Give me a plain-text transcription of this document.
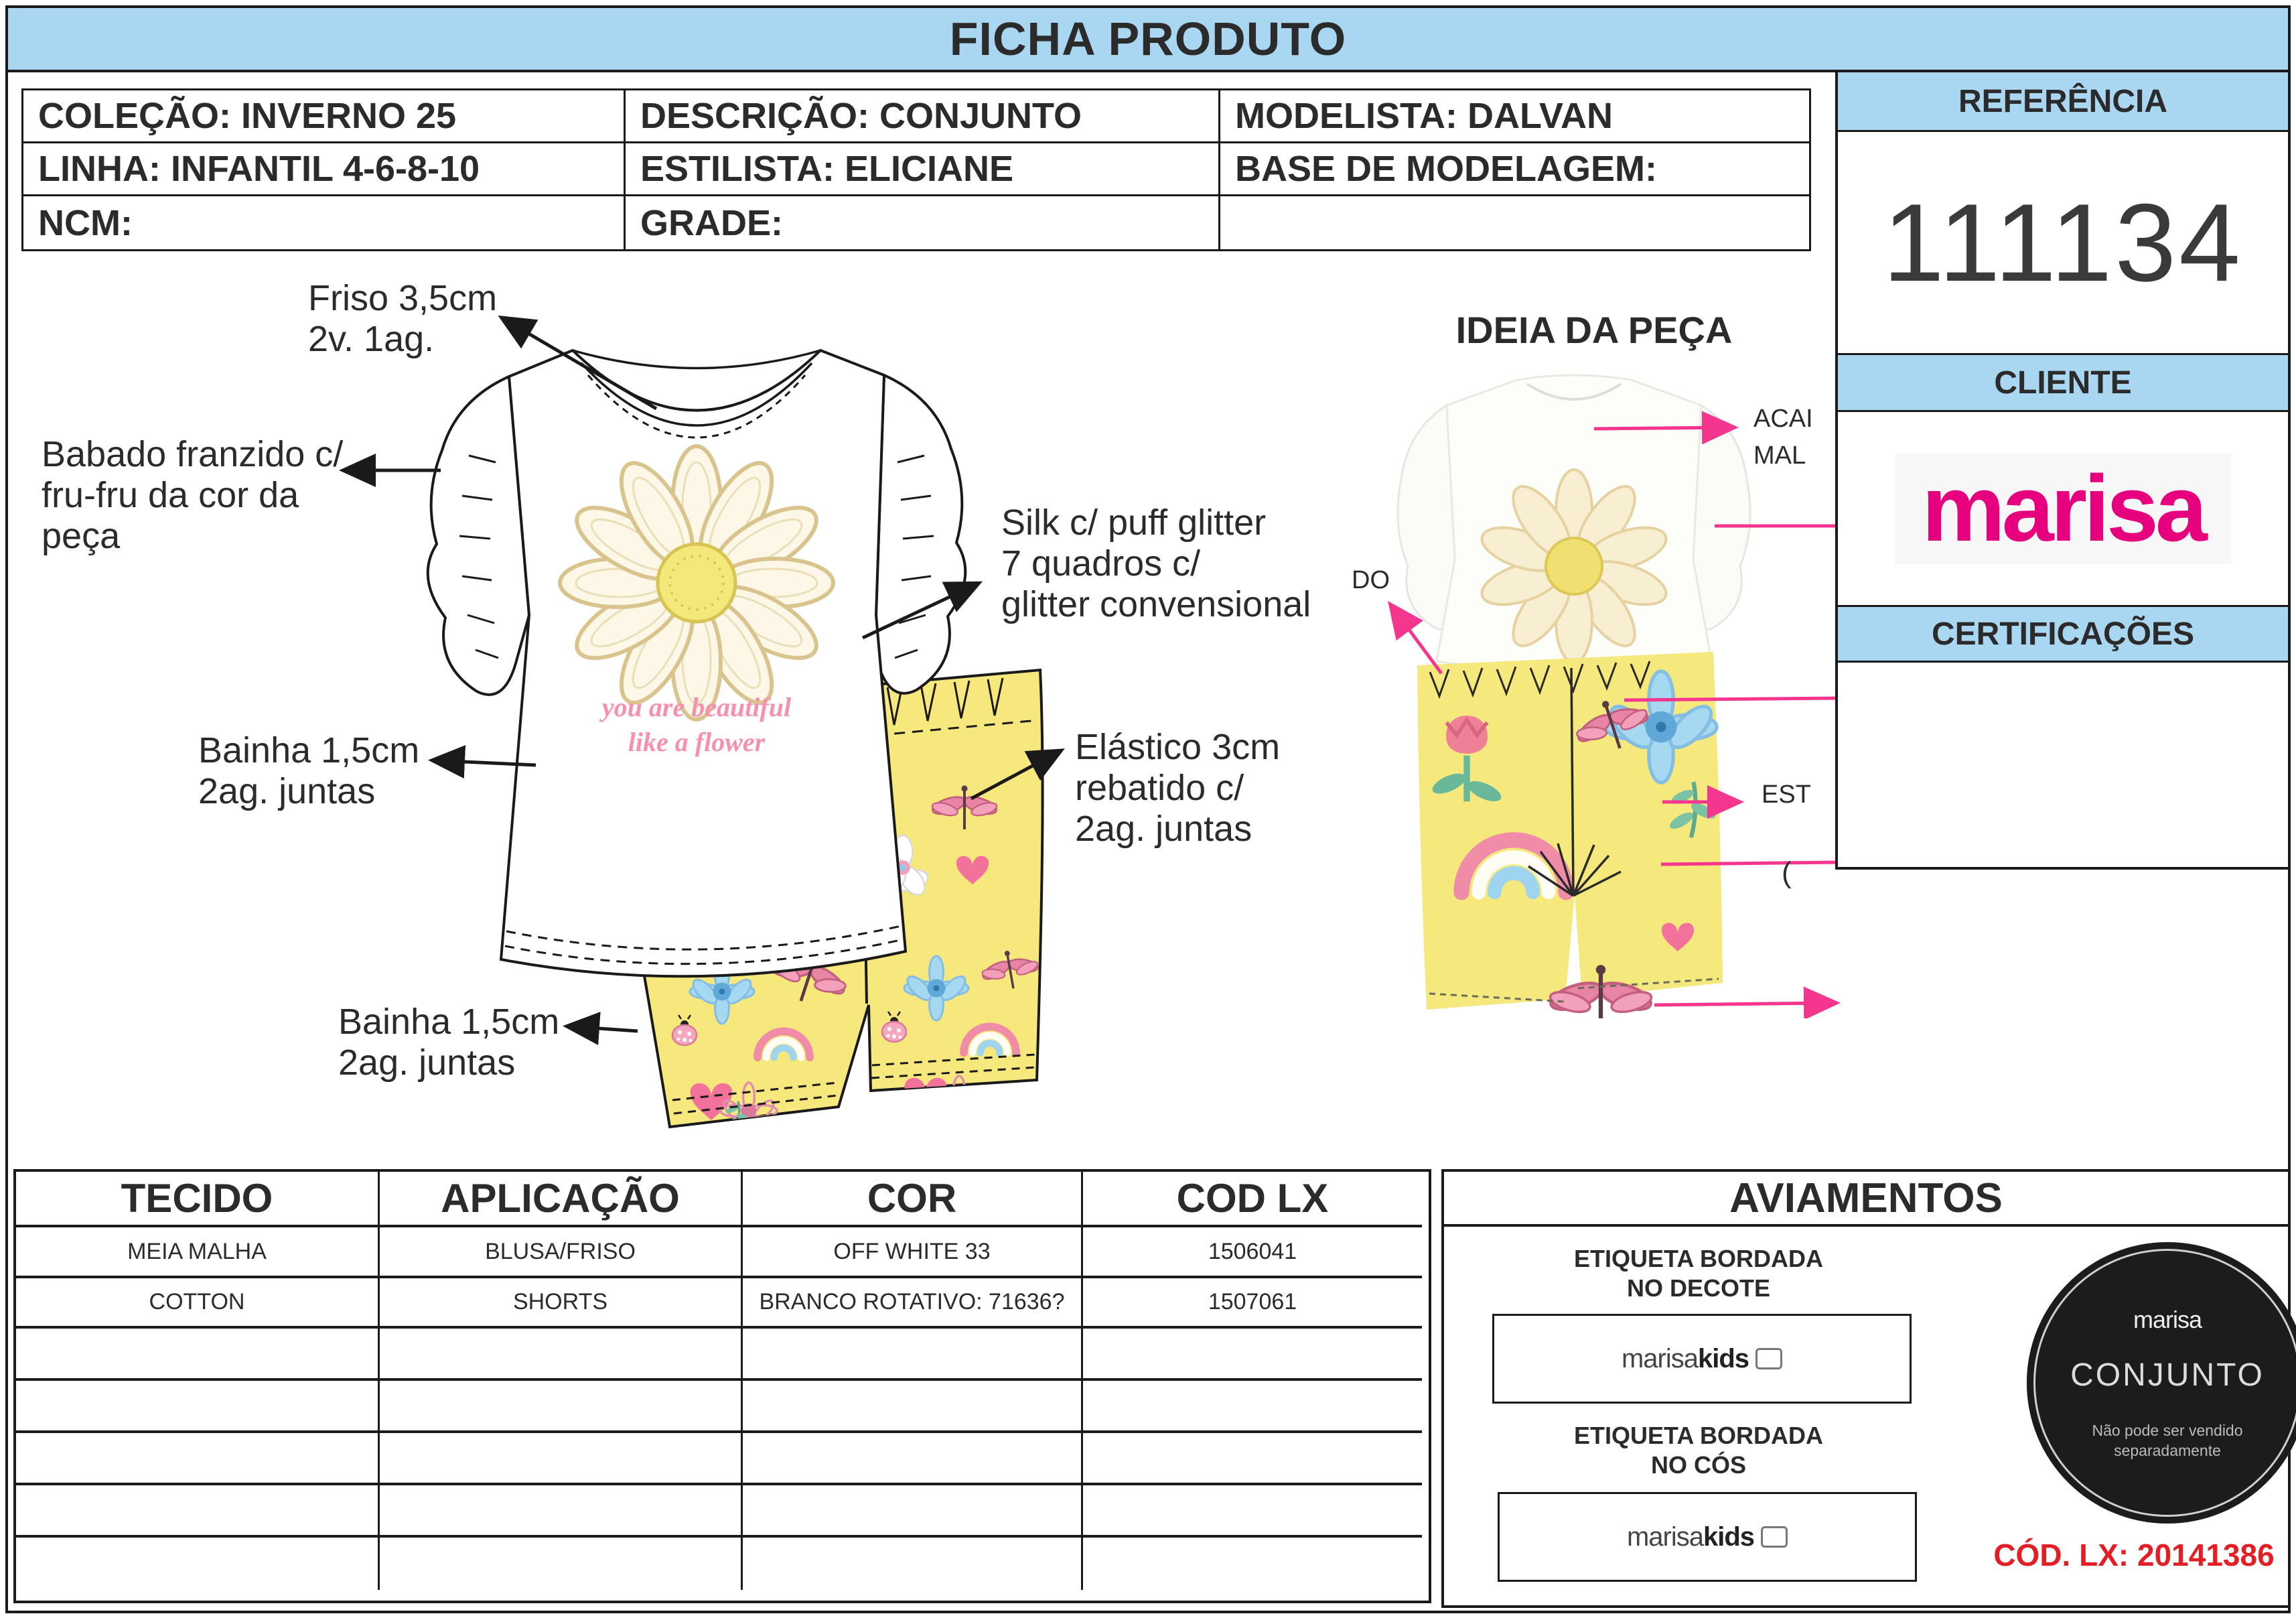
FICHA PRODUTO
COLEÇÃO: INVERNO 25	DESCRIÇÃO: CONJUNTO	MODELISTA: DALVAN
LINHA: INFANTIL 4-6-8-10	ESTILISTA: ELICIANE	BASE DE MODELAGEM:
NCM:	GRADE:
Friso 3,5cm
2v. 1ag.
Babado franzido c/
fru-fru da cor da
peça
Bainha 1,5cm
2ag. juntas
Silk c/ puff glitter
7 quadros c/
glitter convensional
Elástico 3cm
rebatido c/
2ag. juntas
Bainha 1,5cm
2ag. juntas
you are beautiful
like a flower
IDEIA DA PEÇA
ACAI
MAL
DO
EST
(
REFERÊNCIA
111134
CLIENTE
marisa
CERTIFICAÇÕES
TECIDO	APLICAÇÃO	COR	COD LX
MEIA MALHA	BLUSA/FRISO	OFF WHITE 33	1506041
COTTON	SHORTS	BRANCO ROTATIVO: 71636?	1507061
AVIAMENTOS
ETIQUETA BORDADA
NO DECOTE
marisa kids
ETIQUETA BORDADA
NO CÓS
marisa kids
marisa
CONJUNTO
Não pode ser vendido
separadamente
CÓD. LX: 20141386
